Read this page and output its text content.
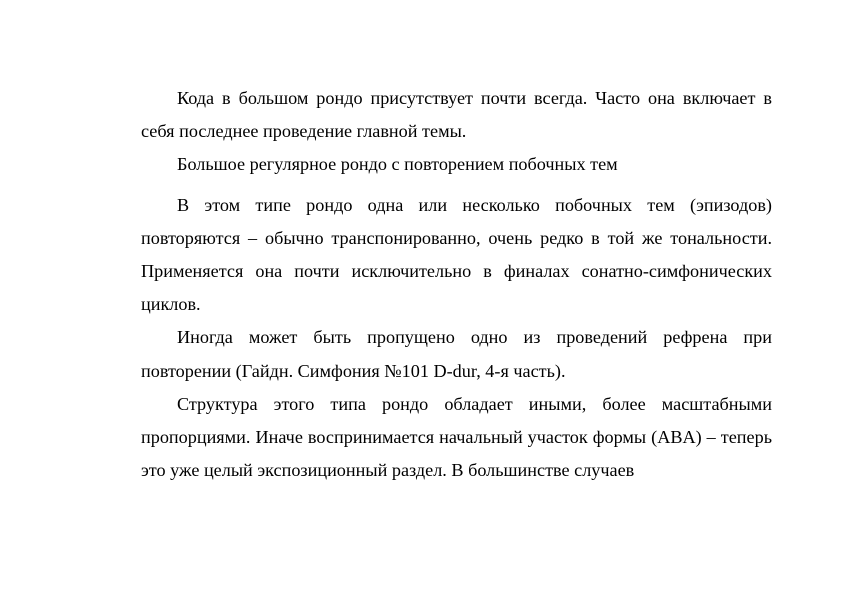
Кода в большом рондо присутствует почти всегда. Часто она включает в себя последнее проведение главной темы.

Большое регулярное рондо с повторением побочных тем

В этом типе рондо одна или несколько побочных тем (эпизодов) повторяются – обычно транспонированно, очень редко в той же тональности. Применяется она почти исключительно в финалах сонатно-симфонических циклов.

Иногда может быть пропущено одно из проведений рефрена при повторении (Гайдн. Симфония №101 D-dur, 4-я часть).

Структура этого типа рондо обладает иными, более масштабными пропорциями. Иначе воспринимается начальный участок формы (ABA) – теперь это уже целый экспозиционный раздел. В большинстве случаев
